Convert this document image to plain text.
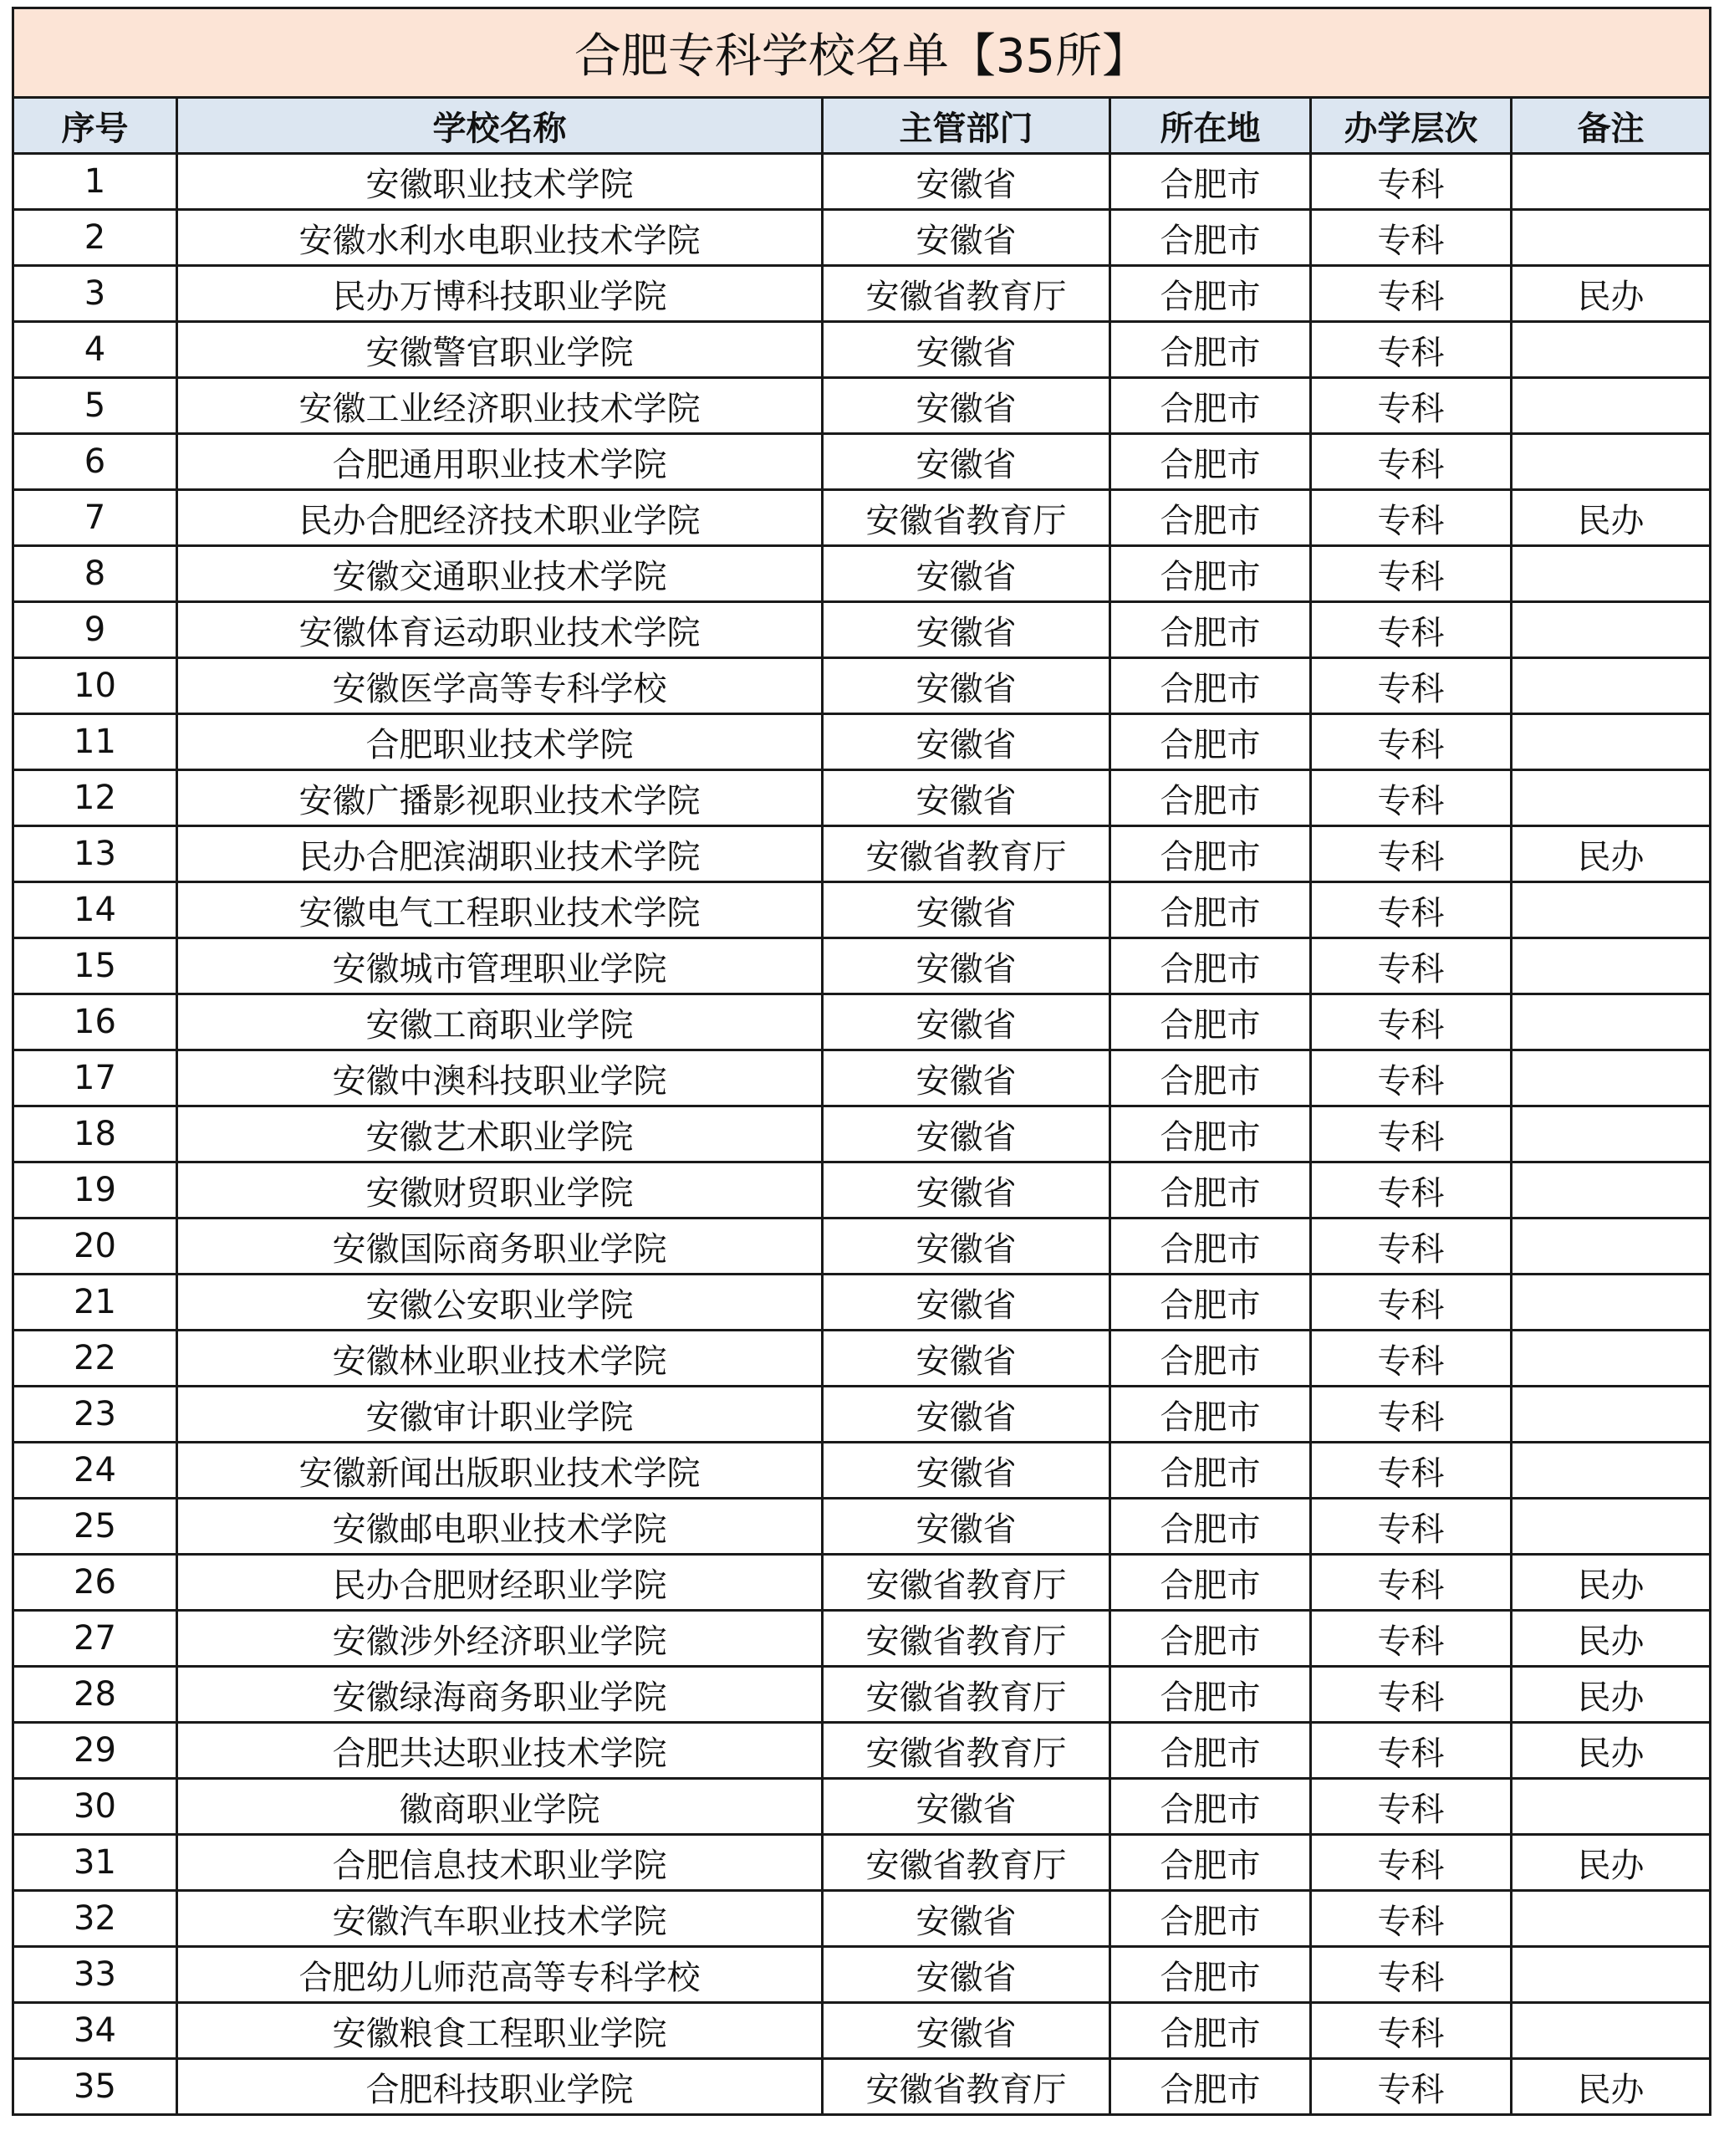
合肥专科学校名单【35所】					
序号	学校名称	主管部门	所在地	办学层次	备注
1	安徽职业技术学院	安徽省	合肥市	专科	
2	安徽水利水电职业技术学院	安徽省	合肥市	专科	
3	民办万博科技职业学院	安徽省教育厅	合肥市	专科	民办
4	安徽警官职业学院	安徽省	合肥市	专科	
5	安徽工业经济职业技术学院	安徽省	合肥市	专科	
6	合肥通用职业技术学院	安徽省	合肥市	专科	
7	民办合肥经济技术职业学院	安徽省教育厅	合肥市	专科	民办
8	安徽交通职业技术学院	安徽省	合肥市	专科	
9	安徽体育运动职业技术学院	安徽省	合肥市	专科	
10	安徽医学高等专科学校	安徽省	合肥市	专科	
11	合肥职业技术学院	安徽省	合肥市	专科	
12	安徽广播影视职业技术学院	安徽省	合肥市	专科	
13	民办合肥滨湖职业技术学院	安徽省教育厅	合肥市	专科	民办
14	安徽电气工程职业技术学院	安徽省	合肥市	专科	
15	安徽城市管理职业学院	安徽省	合肥市	专科	
16	安徽工商职业学院	安徽省	合肥市	专科	
17	安徽中澳科技职业学院	安徽省	合肥市	专科	
18	安徽艺术职业学院	安徽省	合肥市	专科	
19	安徽财贸职业学院	安徽省	合肥市	专科	
20	安徽国际商务职业学院	安徽省	合肥市	专科	
21	安徽公安职业学院	安徽省	合肥市	专科	
22	安徽林业职业技术学院	安徽省	合肥市	专科	
23	安徽审计职业学院	安徽省	合肥市	专科	
24	安徽新闻出版职业技术学院	安徽省	合肥市	专科	
25	安徽邮电职业技术学院	安徽省	合肥市	专科	
26	民办合肥财经职业学院	安徽省教育厅	合肥市	专科	民办
27	安徽涉外经济职业学院	安徽省教育厅	合肥市	专科	民办
28	安徽绿海商务职业学院	安徽省教育厅	合肥市	专科	民办
29	合肥共达职业技术学院	安徽省教育厅	合肥市	专科	民办
30	徽商职业学院	安徽省	合肥市	专科	
31	合肥信息技术职业学院	安徽省教育厅	合肥市	专科	民办
32	安徽汽车职业技术学院	安徽省	合肥市	专科	
33	合肥幼儿师范高等专科学校	安徽省	合肥市	专科	
34	安徽粮食工程职业学院	安徽省	合肥市	专科	
35	合肥科技职业学院	安徽省教育厅	合肥市	专科	民办
